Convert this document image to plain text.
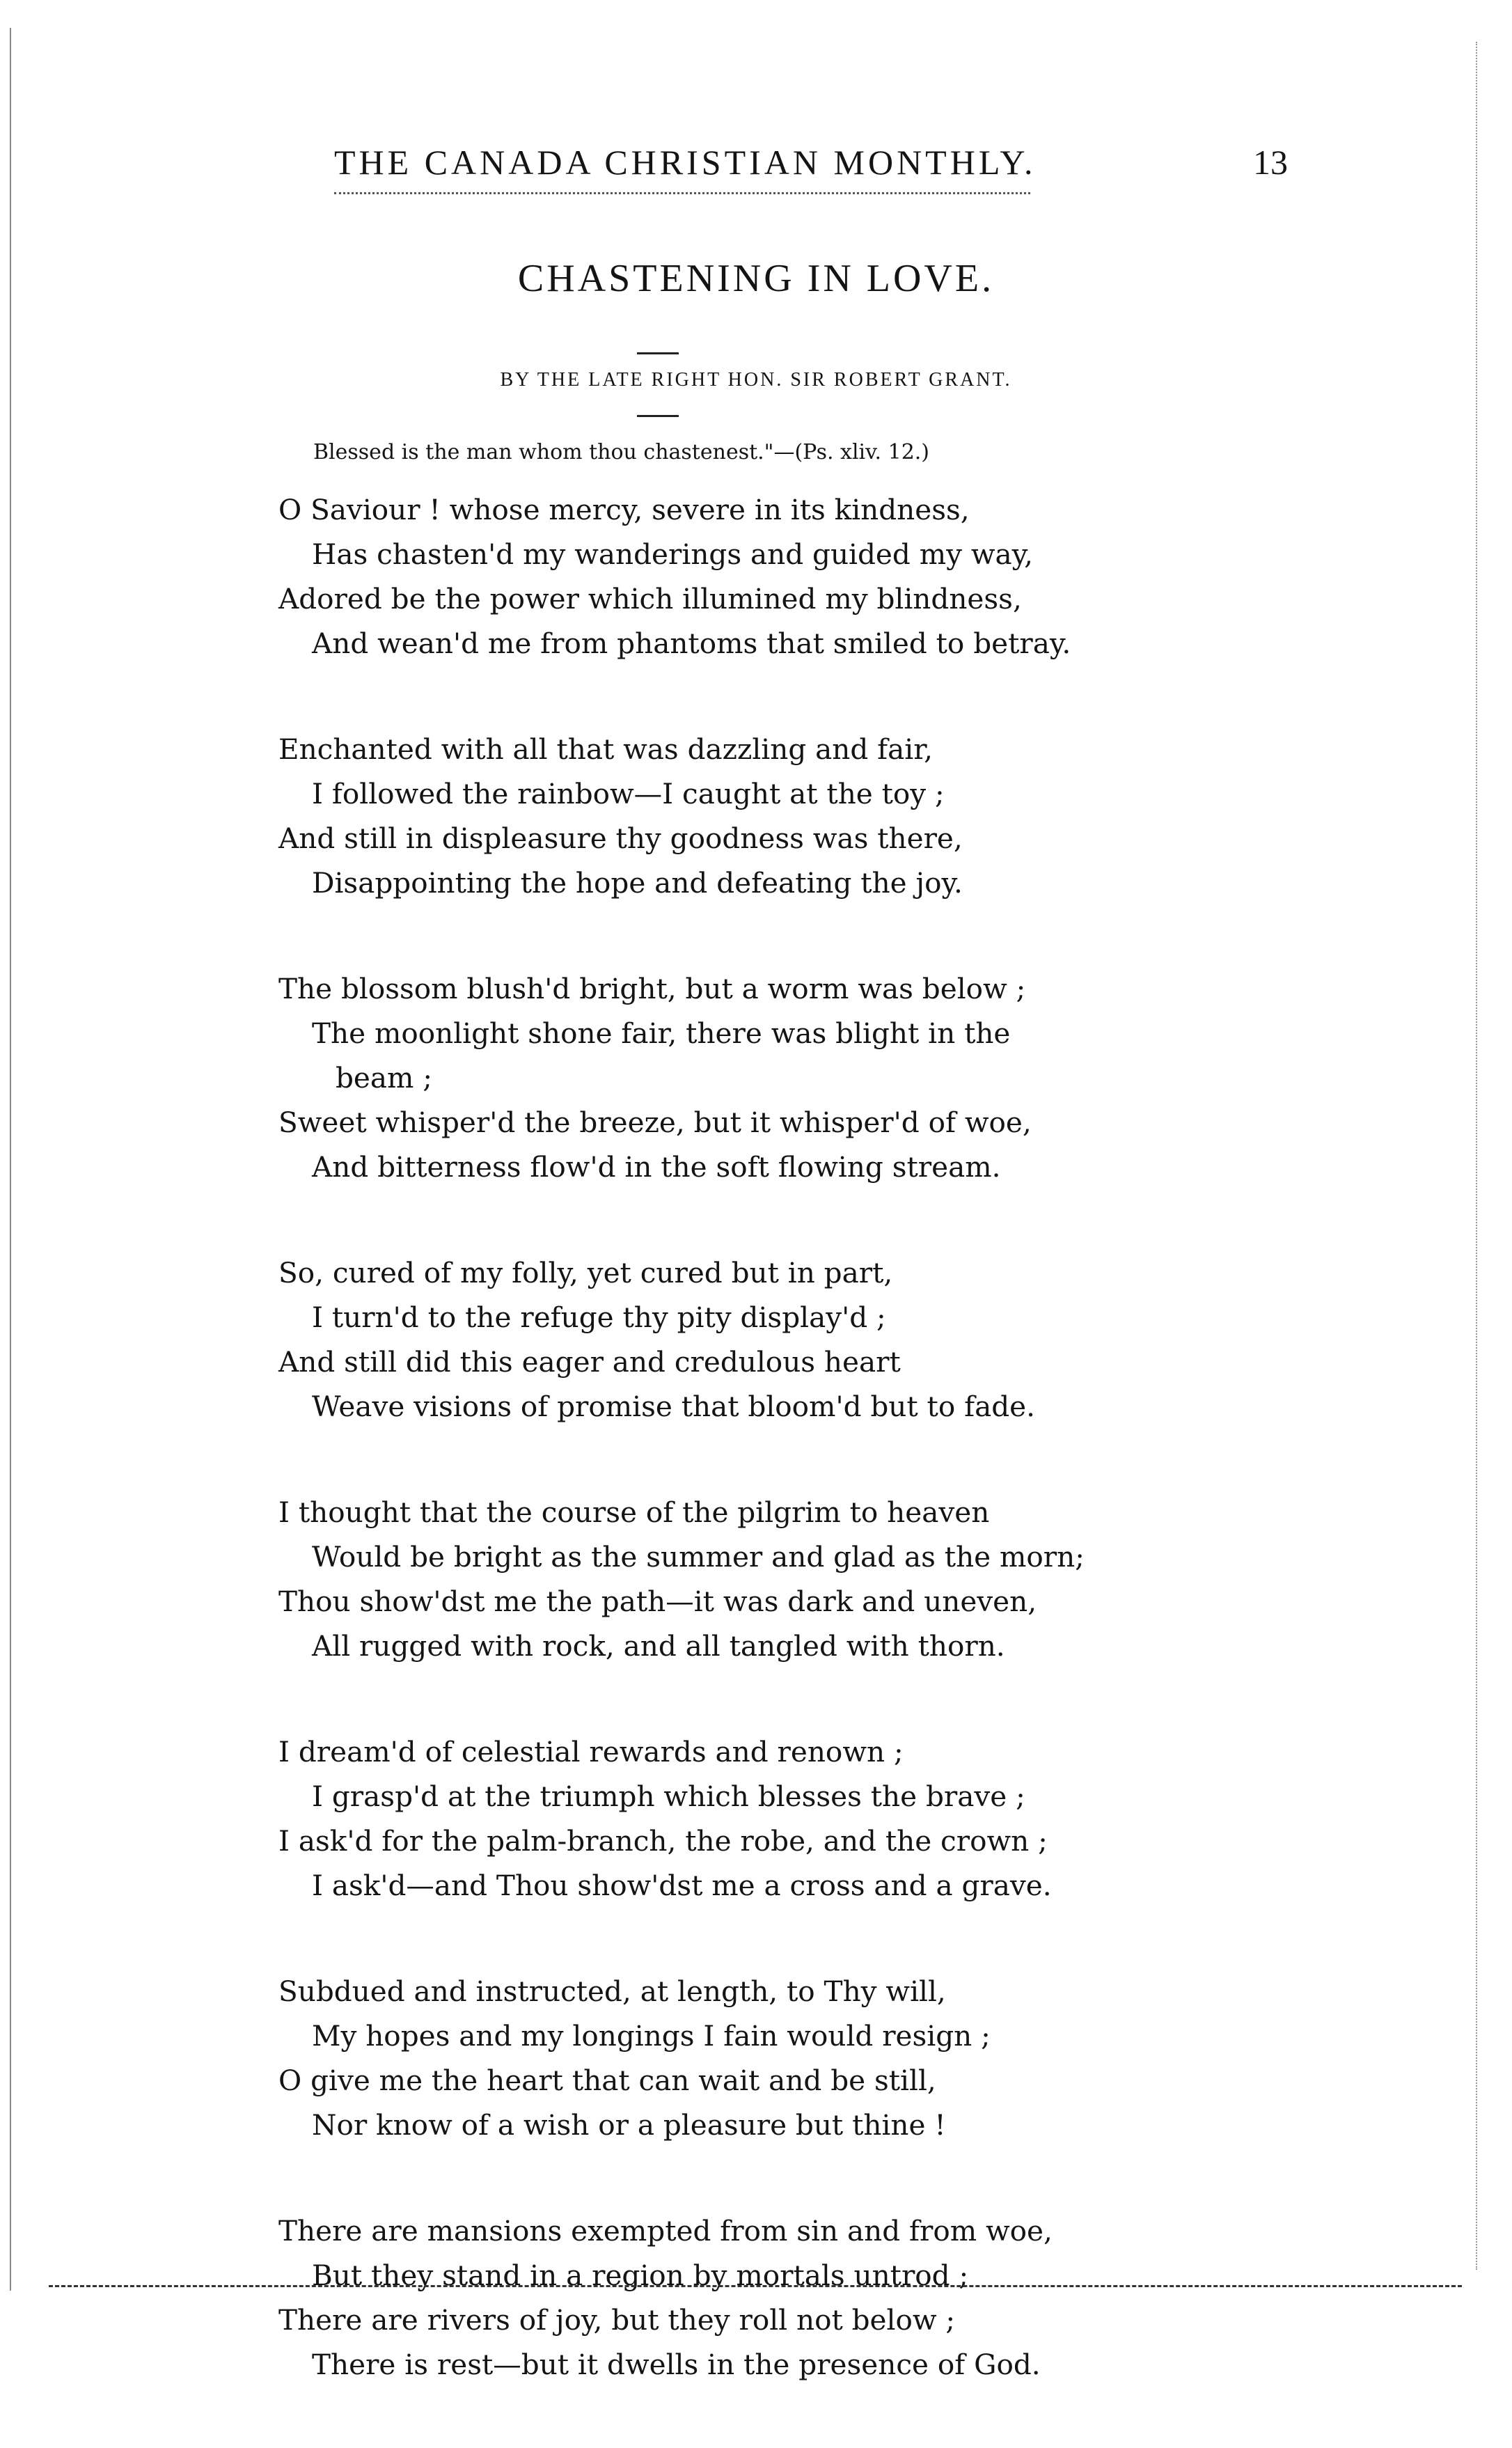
THE CANADA CHRISTIAN MONTHLY.	13
CHASTENING IN LOVE.
BY THE LATE RIGHT HON. SIR ROBERT GRANT.
Blessed is the man whom thou chastenest."—(Ps. xliv. 12.)
O Saviour ! whose mercy, severe in its kindness,
Has chasten'd my wanderings and guided my way,
Adored be the power which illumined my blindness,
And wean'd me from phantoms that smiled to betray.
Enchanted with all that was dazzling and fair,
I followed the rainbow—I caught at the toy ;
And still in displeasure thy goodness was there,
Disappointing the hope and defeating the joy.
The blossom blush'd bright, but a worm was below ;
The moonlight shone fair, there was blight in the
beam ;
Sweet whisper'd the breeze, but it whisper'd of woe,
And bitterness flow'd in the soft flowing stream.
So, cured of my folly, yet cured but in part,
I turn'd to the refuge thy pity display'd ;
And still did this eager and credulous heart
Weave visions of promise that bloom'd but to fade.
I thought that the course of the pilgrim to heaven
Would be bright as the summer and glad as the morn;
Thou show'dst me the path—it was dark and uneven,
All rugged with rock, and all tangled with thorn.
I dream'd of celestial rewards and renown ;
I grasp'd at the triumph which blesses the brave ;
I ask'd for the palm-branch, the robe, and the crown ;
I ask'd—and Thou show'dst me a cross and a grave.
Subdued and instructed, at length, to Thy will,
My hopes and my longings I fain would resign ;
O give me the heart that can wait and be still,
Nor know of a wish or a pleasure but thine !
There are mansions exempted from sin and from woe,
But they stand in a region by mortals untrod ;
There are rivers of joy, but they roll not below ;
There is rest—but it dwells in the presence of God.
